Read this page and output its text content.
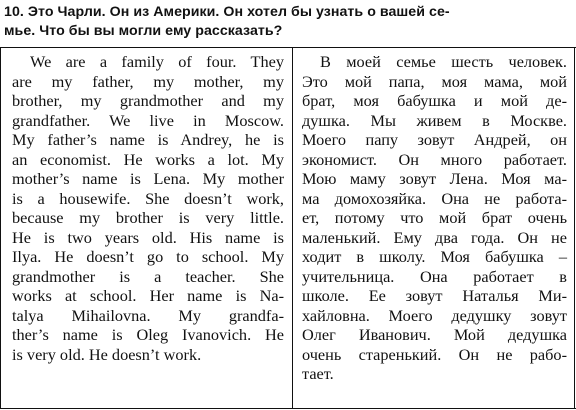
10. Это Чарли. Он из Америки. Он хотел бы узнать о вашей се-
мье. Что бы вы могли ему рассказать?
We are a family of four. They
are my father, my mother, my
brother, my grandmother and my
grandfather. We live in Moscow.
My father’s name is Andrey, he is
an economist. He works a lot. My
mother’s name is Lena. My mother
is a housewife. She doesn’t work,
because my brother is very little.
He is two years old. His name is
Ilya. He doesn’t go to school. My
grandmother is a teacher. She
works at school. Her name is Na-
talya Mihailovna. My grandfa-
ther’s name is Oleg Ivanovich. He
is very old. He doesn’t work.
В моей семье шесть человек.
Это мой папа, моя мама, мой
брат, моя бабушка и мой де-
душка. Мы живем в Москве.
Моего папу зовут Андрей, он
экономист. Он много работает.
Мою маму зовут Лена. Моя ма-
ма домохозяйка. Она не работа-
ет, потому что мой брат очень
маленький. Ему два года. Он не
ходит в школу. Моя бабушка –
учительница. Она работает в
школе. Ее зовут Наталья Ми-
хайловна. Моего дедушку зовут
Олег Иванович. Мой дедушка
очень старенький. Он не рабо-
тает.
